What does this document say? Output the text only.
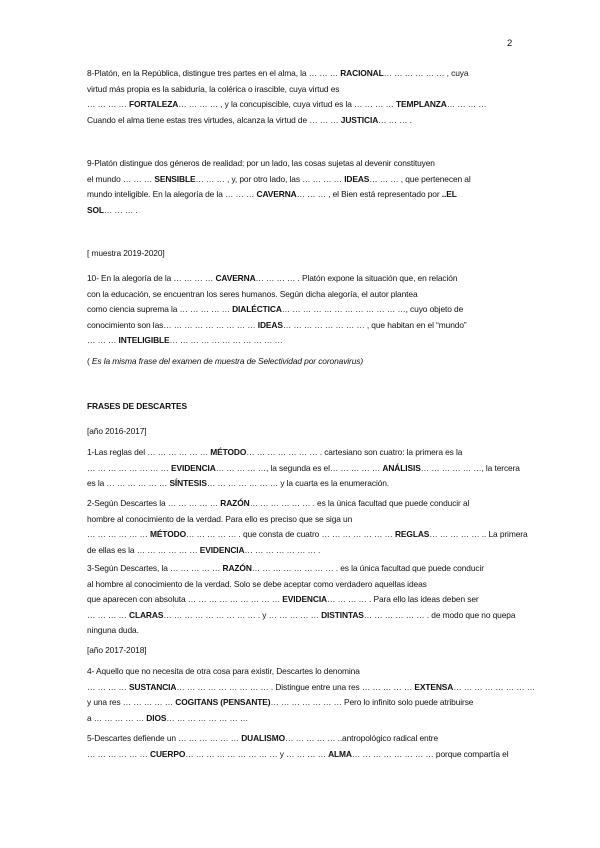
2

8-Platón, en la República, distingue tres partes en el alma, la … … … RACIONAL… … … … … … , cuya

virtud más propia es la sabiduría, la colérica o irascible, cuya virtud es

… … … … FORTALEZA… … … … , y la concupiscible, cuya virtud es la … … … … TEMPLANZA… … … …

Cuando el alma tiene estas tres virtudes, alcanza la virtud de … … … JUSTICIA… … … .

9-Platón distingue dos géneros de realidad: por un lado, las cosas sujetas al devenir constituyen

el mundo … … … SENSIBLE… … … , y, por otro lado, las … … … … IDEAS… … … , que pertenecen al

mundo inteligible. En la alegoría de la … … … CAVERNA… … … , el Bien está representado por ..EL

SOL… … … .

[ muestra 2019-2020]

10- En la alegoría de la … … … … CAVERNA… … … … . Platón expone la situación que, en relación

con la educación, se encuentran los seres humanos. Según dicha alegoría, el autor plantea

como ciencia suprema la … … … … … DIALÉCTICA… … … … … … … … … … … …, cuyo objeto de

conocimiento son las… … … … … … … … … IDEAS… … … … … … … … , que habitan en el “mundo”

… … … INTELIGIBLE… … … … … … … … … … …

( Es la misma frase del examen de muestra de Selectividad por coronavirus)

FRASES DE DESCARTES

[año 2016-2017]

1-Las reglas del … … … … … … MÉTODO… … … … … … … . cartesiano son cuatro: la primera es la

… … … … … … … … EVIDENCIA… … … … …, la segunda es el… … … … … ANÁLISIS… … … … … …, la tercera

es la … … … … … … SÍNTESIS… … … … … … … y la cuarta es la enumeración.

2-Según Descartes la … … … … … RAZÓN… … … … … … . es la única facultad que puede conducir al

hombre al conocimiento de la verdad. Para ello es preciso que se siga un

… … … … … … MÉTODO… … … … … . que consta de cuatro … … … … … … … REGLAS… … … … … .. La primera

de ellas es la … … … … … … EVIDENCIA… … … … … … … .

3-Según Descartes, la … … … … … RAZÓN… … … … … … … … . es la única facultad que puede conducir

al hombre al conocimiento de la verdad. Solo se debe aceptar como verdadero aquellas ideas

que aparecen con absoluta … … … … … … … … … EVIDENCIA… … … … . Para ello las ideas deben ser

… … … … CLARAS… … … … … … … … … . y … … … … … DISTINTAS… … … … … … . de modo que no quepa

ninguna duda.

[año 2017-2018]

4- Aquello que no necesita de otra cosa para existir, Descartes lo denomina

… … … … SUSTANCIA… … … … … … … … … . Distingue entre una res … … … … … EXTENSA… … … … … … … …

y una res … … … … … COGITANS (PENSANTE)… … … … … … … Pero lo infinito solo puede atribuirse

a … … … … … DIOS… … … … … … … …

5-Descartes defiende un … … … … … … DUALISMO… … … … … ..antropológico radical entre

… … … … … … CUERPO… … … … … … … … … y … … … … ALMA… … … … … … … … porque compartía el
